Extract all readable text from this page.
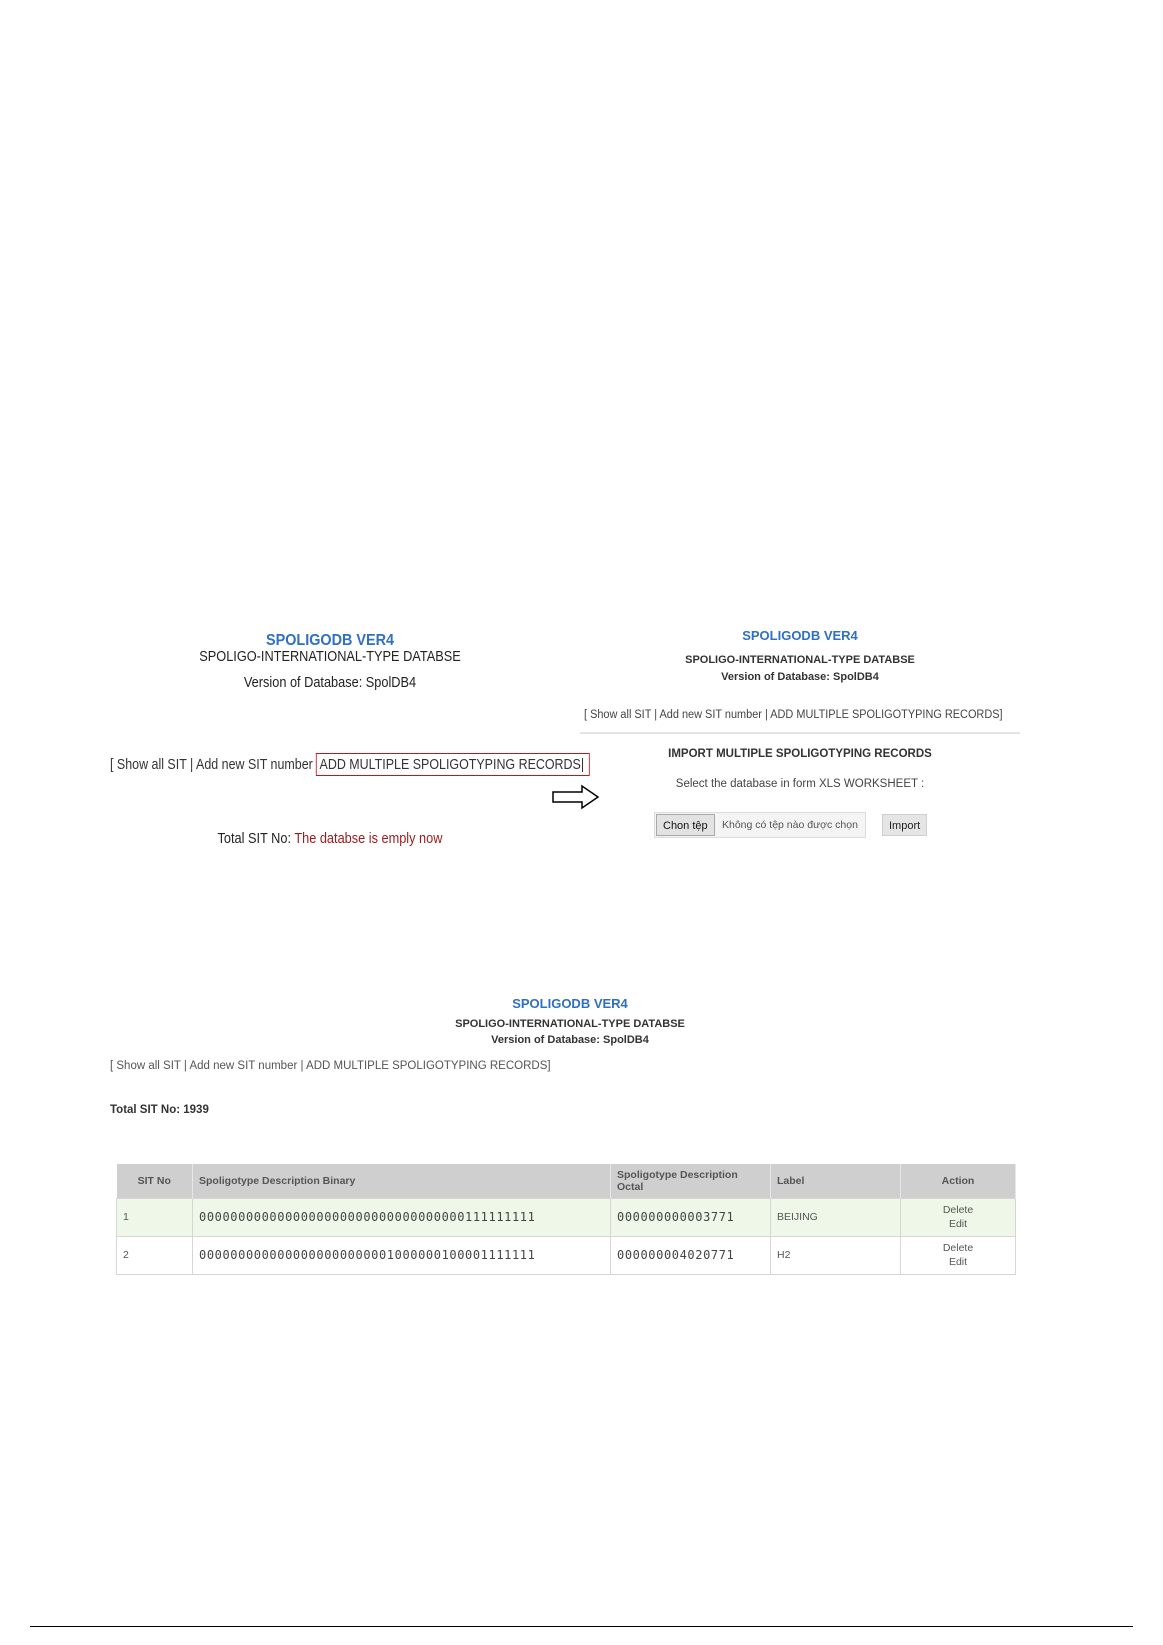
SPOLIGODB VER4
SPOLIGO-INTERNATIONAL-TYPE DATABSE
Version of Database: SpolDB4
[ Show all SIT | Add new SIT number ADD MULTIPLE SPOLIGOTYPING RECORDS|
Total SIT No: The databse is emply now
SPOLIGODB VER4
SPOLIGO-INTERNATIONAL-TYPE DATABSE
Version of Database: SpolDB4
[ Show all SIT | Add new SIT number | ADD MULTIPLE SPOLIGOTYPING RECORDS]
IMPORT MULTIPLE SPOLIGOTYPING RECORDS
Select the database in form XLS WORKSHEET :
Chon tệp	Không có tệp nào được chọn	Import
SPOLIGODB VER4
SPOLIGO-INTERNATIONAL-TYPE DATABSE
Version of Database: SpolDB4
[ Show all SIT | Add new SIT number | ADD MULTIPLE SPOLIGOTYPING RECORDS]
Total SIT No: 1939
SIT No	Spoligotype Description Binary	Spoligotype Description Octal	Label	Action
1	0000000000000000000000000000000000111111111	000000000003771	BEIJING	Delete
Edit

2	0000000000000000000000001000000100001111111	000000004020771	H2	Delete
Edit
